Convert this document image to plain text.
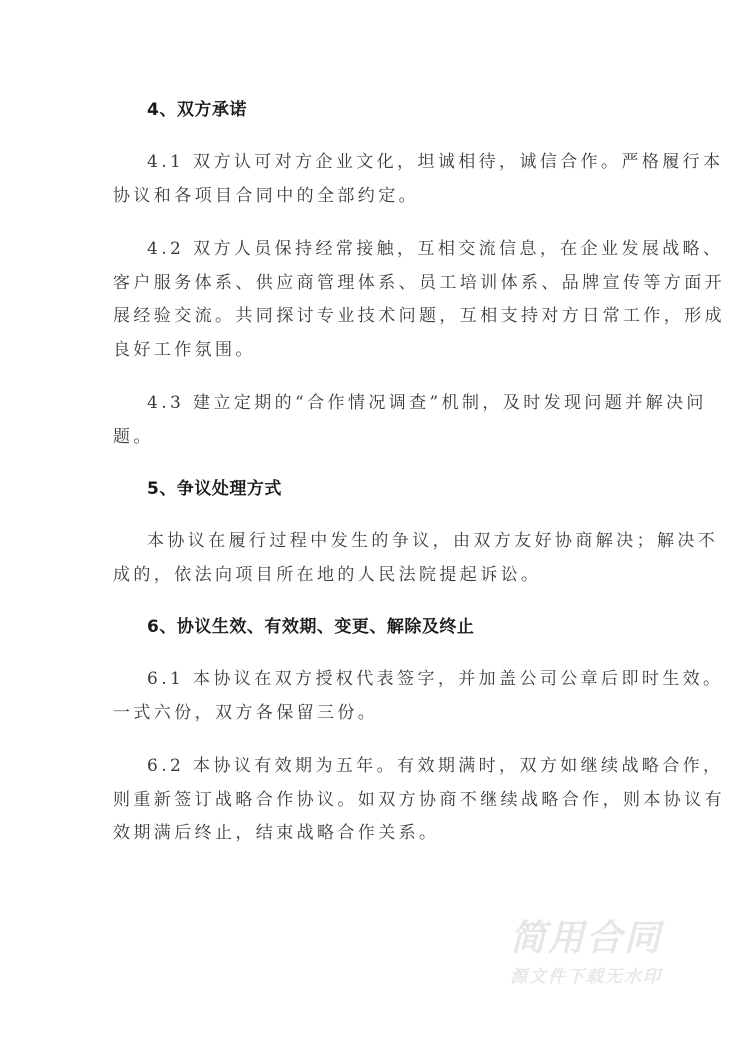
4、双方承诺
4.1 双方认可对方企业文化，坦诚相待，诚信合作。严格履行本
协议和各项目合同中的全部约定。
4.2 双方人员保持经常接触，互相交流信息，在企业发展战略、
客户服务体系、供应商管理体系、员工培训体系、品牌宣传等方面开
展经验交流。共同探讨专业技术问题，互相支持对方日常工作，形成
良好工作氛围。
4.3 建立定期的“合作情况调查”机制，及时发现问题并解决问
题。
5、争议处理方式
本协议在履行过程中发生的争议，由双方友好协商解决；解决不
成的，依法向项目所在地的人民法院提起诉讼。
6、协议生效、有效期、变更、解除及终止
6.1 本协议在双方授权代表签字，并加盖公司公章后即时生效。
一式六份，双方各保留三份。
6.2 本协议有效期为五年。有效期满时，双方如继续战略合作，
则重新签订战略合作协议。如双方协商不继续战略合作，则本协议有
效期满后终止，结束战略合作关系。
简用合同
源文件下载无水印
